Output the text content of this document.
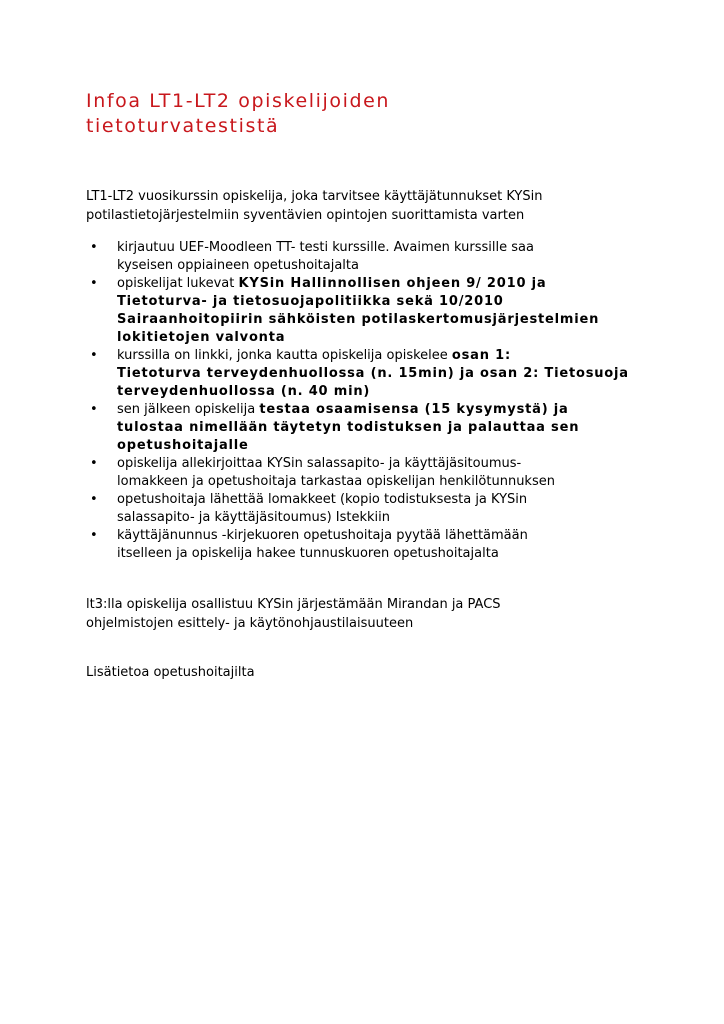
Infoa LT1-LT2 opiskelijoiden
tietoturvatestistä

LT1-LT2 vuosikurssin opiskelija, joka tarvitsee käyttäjätunnukset KYSin
potilastietojärjestelmiin syventävien opintojen suorittamista varten

• kirjautuu UEF-Moodleen TT- testi kurssille. Avaimen kurssille saa
kyseisen oppiaineen opetushoitajalta
• opiskelijat lukevat KYSin Hallinnollisen ohjeen 9/ 2010 ja
Tietoturva- ja tietosuojapolitiikka sekä 10/2010
Sairaanhoitopiirin sähköisten potilaskertomusjärjestelmien
lokitietojen valvonta
• kurssilla on linkki, jonka kautta opiskelija opiskelee osan 1:
Tietoturva terveydenhuollossa (n. 15min) ja osan 2: Tietosuoja
terveydenhuollossa (n. 40 min)
• sen jälkeen opiskelija testaa osaamisensa (15 kysymystä) ja
tulostaa nimellään täytetyn todistuksen ja palauttaa sen
opetushoitajalle
• opiskelija allekirjoittaa KYSin salassapito- ja käyttäjäsitoumus-
lomakkeen ja opetushoitaja tarkastaa opiskelijan henkilötunnuksen
• opetushoitaja lähettää lomakkeet (kopio todistuksesta ja KYSin
salassapito- ja käyttäjäsitoumus) Istekkiin
• käyttäjänunnus -kirjekuoren opetushoitaja pyytää lähettämään
itselleen ja opiskelija hakee tunnuskuoren opetushoitajalta

lt3:lla opiskelija osallistuu KYSin järjestämään Mirandan ja PACS
ohjelmistojen esittely- ja käytönohjaustilaisuuteen

Lisätietoa opetushoitajilta
